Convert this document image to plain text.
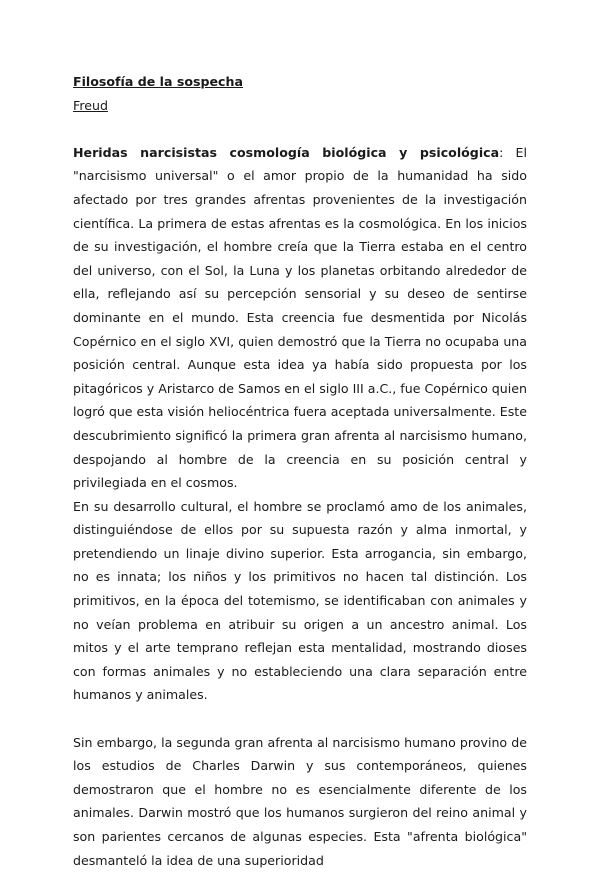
Filosofía de la sospecha
Freud

Heridas narcisistas cosmología biológica y psicológica: El "narcisismo universal" o el amor propio de la humanidad ha sido afectado por tres grandes afrentas provenientes de la investigación científica. La primera de estas afrentas es la cosmológica. En los inicios de su investigación, el hombre creía que la Tierra estaba en el centro del universo, con el Sol, la Luna y los planetas orbitando alrededor de ella, reflejando así su percepción sensorial y su deseo de sentirse dominante en el mundo. Esta creencia fue desmentida por Nicolás Copérnico en el siglo XVI, quien demostró que la Tierra no ocupaba una posición central. Aunque esta idea ya había sido propuesta por los pitagóricos y Aristarco de Samos en el siglo III a.C., fue Copérnico quien logró que esta visión heliocéntrica fuera aceptada universalmente. Este descubrimiento significó la primera gran afrenta al narcisismo humano, despojando al hombre de la creencia en su posición central y privilegiada en el cosmos.

En su desarrollo cultural, el hombre se proclamó amo de los animales, distinguiéndose de ellos por su supuesta razón y alma inmortal, y pretendiendo un linaje divino superior. Esta arrogancia, sin embargo, no es innata; los niños y los primitivos no hacen tal distinción. Los primitivos, en la época del totemismo, se identificaban con animales y no veían problema en atribuir su origen a un ancestro animal. Los mitos y el arte temprano reflejan esta mentalidad, mostrando dioses con formas animales y no estableciendo una clara separación entre humanos y animales.

Sin embargo, la segunda gran afrenta al narcisismo humano provino de los estudios de Charles Darwin y sus contemporáneos, quienes demostraron que el hombre no es esencialmente diferente de los animales. Darwin mostró que los humanos surgieron del reino animal y son parientes cercanos de algunas especies. Esta "afrenta biológica" desmanteló la idea de una superioridad
